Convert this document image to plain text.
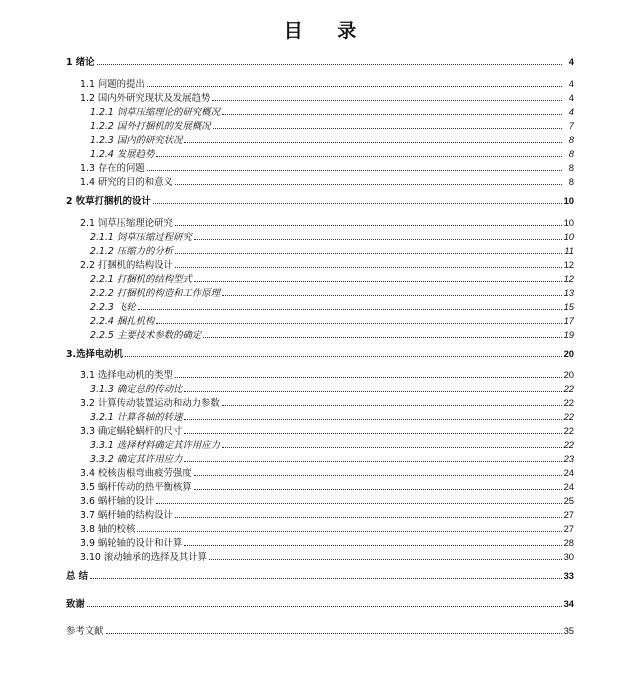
目 录
1 绪论	4
1.1 问题的提出	4
1.2 国内外研究现状及发展趋势	4
1.2.1 饲草压缩理论的研究概况	4
1.2.2 国外打捆机的发展概况	7
1.2.3 国内的研究状况	8
1.2.4 发展趋势	8
1.3 存在的问题	8
1.4 研究的目的和意义	8
2 牧草打捆机的设计	10
2.1 饲草压缩理论研究	10
2.1.1 饲草压缩过程研究	10
2.1.2 压缩力的分析	11
2.2 打捆机的结构设计	12
2.2.1 打捆机的结构型式	12
2.2.2 打捆机的构造和工作原理	13
2.2.3 飞轮	15
2.2.4 捆扎机构	17
2.2.5 主要技术参数的确定	19
3.选择电动机	20
3.1 选择电动机的类型	20
3.1.3 确定总的传动比	22
3.2 计算传动装置运动和动力参数	22
3.2.1 计算各轴的转速	22
3.3 确定蜗轮蜗杆的尺寸	22
3.3.1 选择材料确定其许用应力	22
3.3.2 确定其许用应力	23
3.4 校核齿根弯曲疲劳强度	24
3.5 蜗杆传动的热平衡核算	24
3.6 蜗杆轴的设计	25
3.7 蜗杆轴的结构设计	27
3.8 轴的校核	27
3.9 蜗轮轴的设计和计算	28
3.10 滚动轴承的选择及其计算	30
总 结	33
致谢	34
参考文献	35
